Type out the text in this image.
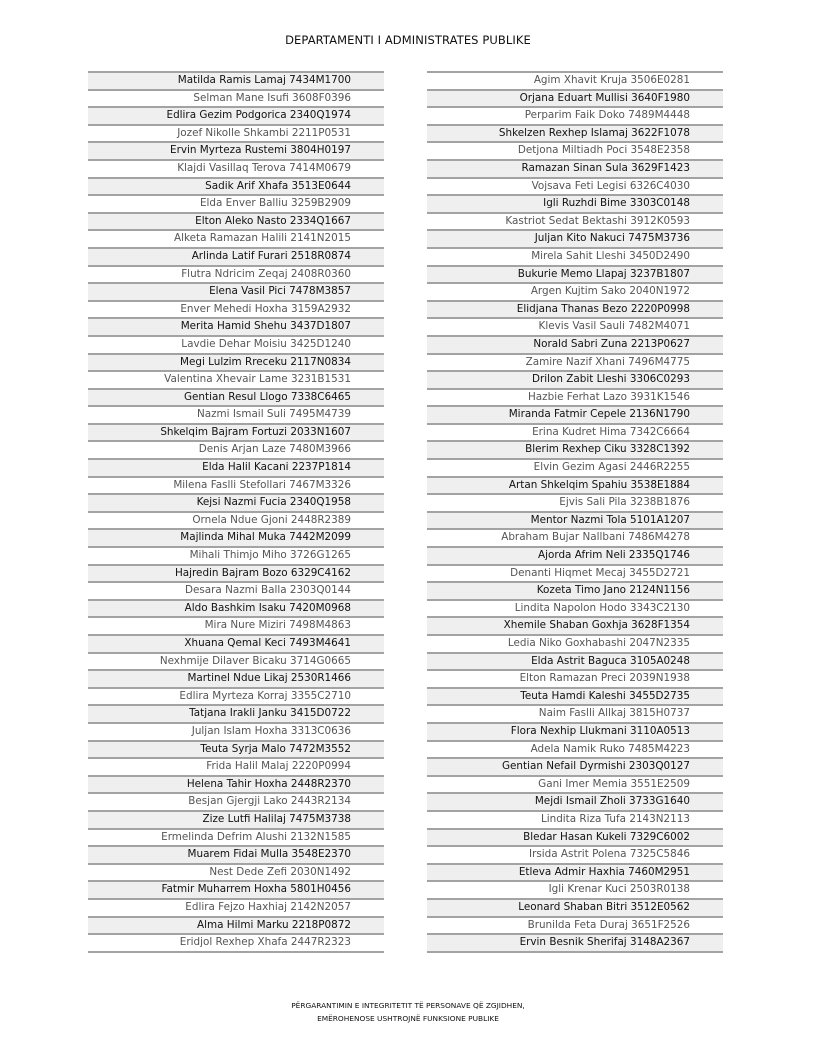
DEPARTAMENTI I ADMINISTRATES PUBLIKE
Matilda Ramis Lamaj 7434M1700
Selman Mane Isufi 3608F0396
Edlira Gezim Podgorica 2340Q1974
Jozef Nikolle Shkambi 2211P0531
Ervin Myrteza Rustemi 3804H0197
Klajdi Vasillaq Terova 7414M0679
Sadik Arif Xhafa 3513E0644
Elda Enver Balliu 3259B2909
Elton Aleko Nasto 2334Q1667
Alketa Ramazan Halili 2141N2015
Arlinda Latif Furari 2518R0874
Flutra Ndricim Zeqaj 2408R0360
Elena Vasil Pici 7478M3857
Enver Mehedi Hoxha 3159A2932
Merita Hamid Shehu 3437D1807
Lavdie Dehar Moisiu 3425D1240
Megi Lulzim Rreceku 2117N0834
Valentina Xhevair Lame 3231B1531
Gentian Resul Llogo 7338C6465
Nazmi Ismail Suli 7495M4739
Shkelqim Bajram Fortuzi 2033N1607
Denis Arjan Laze 7480M3966
Elda Halil Kacani 2237P1814
Milena Faslli Stefollari 7467M3326
Kejsi Nazmi Fucia 2340Q1958
Ornela Ndue Gjoni 2448R2389
Majlinda Mihal Muka 7442M2099
Mihali Thimjo Miho 3726G1265
Hajredin Bajram Bozo 6329C4162
Desara Nazmi Balla 2303Q0144
Aldo Bashkim Isaku 7420M0968
Mira Nure Miziri 7498M4863
Xhuana Qemal Keci 7493M4641
Nexhmije Dilaver Bicaku 3714G0665
Martinel Ndue Likaj 2530R1466
Edlira Myrteza Korraj 3355C2710
Tatjana Irakli Janku 3415D0722
Juljan Islam Hoxha 3313C0636
Teuta Syrja Malo 7472M3552
Frida Halil Malaj 2220P0994
Helena Tahir Hoxha 2448R2370
Besjan Gjergji Lako 2443R2134
Zize Lutfi Halilaj 7475M3738
Ermelinda Defrim Alushi 2132N1585
Muarem Fidai Mulla 3548E2370
Nest Dede Zefi 2030N1492
Fatmir Muharrem Hoxha 5801H0456
Edlira Fejzo Haxhiaj 2142N2057
Alma Hilmi Marku 2218P0872
Eridjol Rexhep Xhafa 2447R2323
Agim Xhavit Kruja 3506E0281
Orjana Eduart Mullisi 3640F1980
Perparim Faik Doko 7489M4448
Shkelzen Rexhep Islamaj 3622F1078
Detjona Miltiadh Poci 3548E2358
Ramazan Sinan Sula 3629F1423
Vojsava Feti Legisi 6326C4030
Igli Ruzhdi Bime 3303C0148
Kastriot Sedat Bektashi 3912K0593
Juljan Kito Nakuci 7475M3736
Mirela Sahit Lleshi 3450D2490
Bukurie Memo Llapaj 3237B1807
Argen Kujtim Sako 2040N1972
Elidjana Thanas Bezo 2220P0998
Klevis Vasil Sauli 7482M4071
Norald Sabri Zuna 2213P0627
Zamire Nazif Xhani 7496M4775
Drilon Zabit Lleshi 3306C0293
Hazbie Ferhat Lazo 3931K1546
Miranda Fatmir Cepele 2136N1790
Erina Kudret Hima 7342C6664
Blerim Rexhep Ciku 3328C1392
Elvin Gezim Agasi 2446R2255
Artan Shkelqim Spahiu 3538E1884
Ejvis Sali Pila 3238B1876
Mentor Nazmi Tola 5101A1207
Abraham Bujar Nallbani 7486M4278
Ajorda Afrim Neli 2335Q1746
Denanti Hiqmet Mecaj 3455D2721
Kozeta Timo Jano 2124N1156
Lindita Napolon Hodo 3343C2130
Xhemile Shaban Goxhja 3628F1354
Ledia Niko Goxhabashi 2047N2335
Elda Astrit Baguca 3105A0248
Elton Ramazan Preci 2039N1938
Teuta Hamdi Kaleshi 3455D2735
Naim Faslli Allkaj 3815H0737
Flora Nexhip Llukmani 3110A0513
Adela Namik Ruko 7485M4223
Gentian Nefail Dyrmishi 2303Q0127
Gani Imer Memia 3551E2509
Mejdi Ismail Zholi 3733G1640
Lindita Riza Tufa 2143N2113
Bledar Hasan Kukeli 7329C6002
Irsida Astrit Polena 7325C5846
Etleva Admir Haxhia 7460M2951
Igli Krenar Kuci 2503R0138
Leonard Shaban Bitri 3512E0562
Brunilda Feta Duraj 3651F2526
Ervin Besnik Sherifaj 3148A2367
PËRGARANTIMIN E INTEGRITETIT TË PERSONAVE QË ZGJIDHEN,
EMËROHENOSE USHTROJNË FUNKSIONE PUBLIKE
